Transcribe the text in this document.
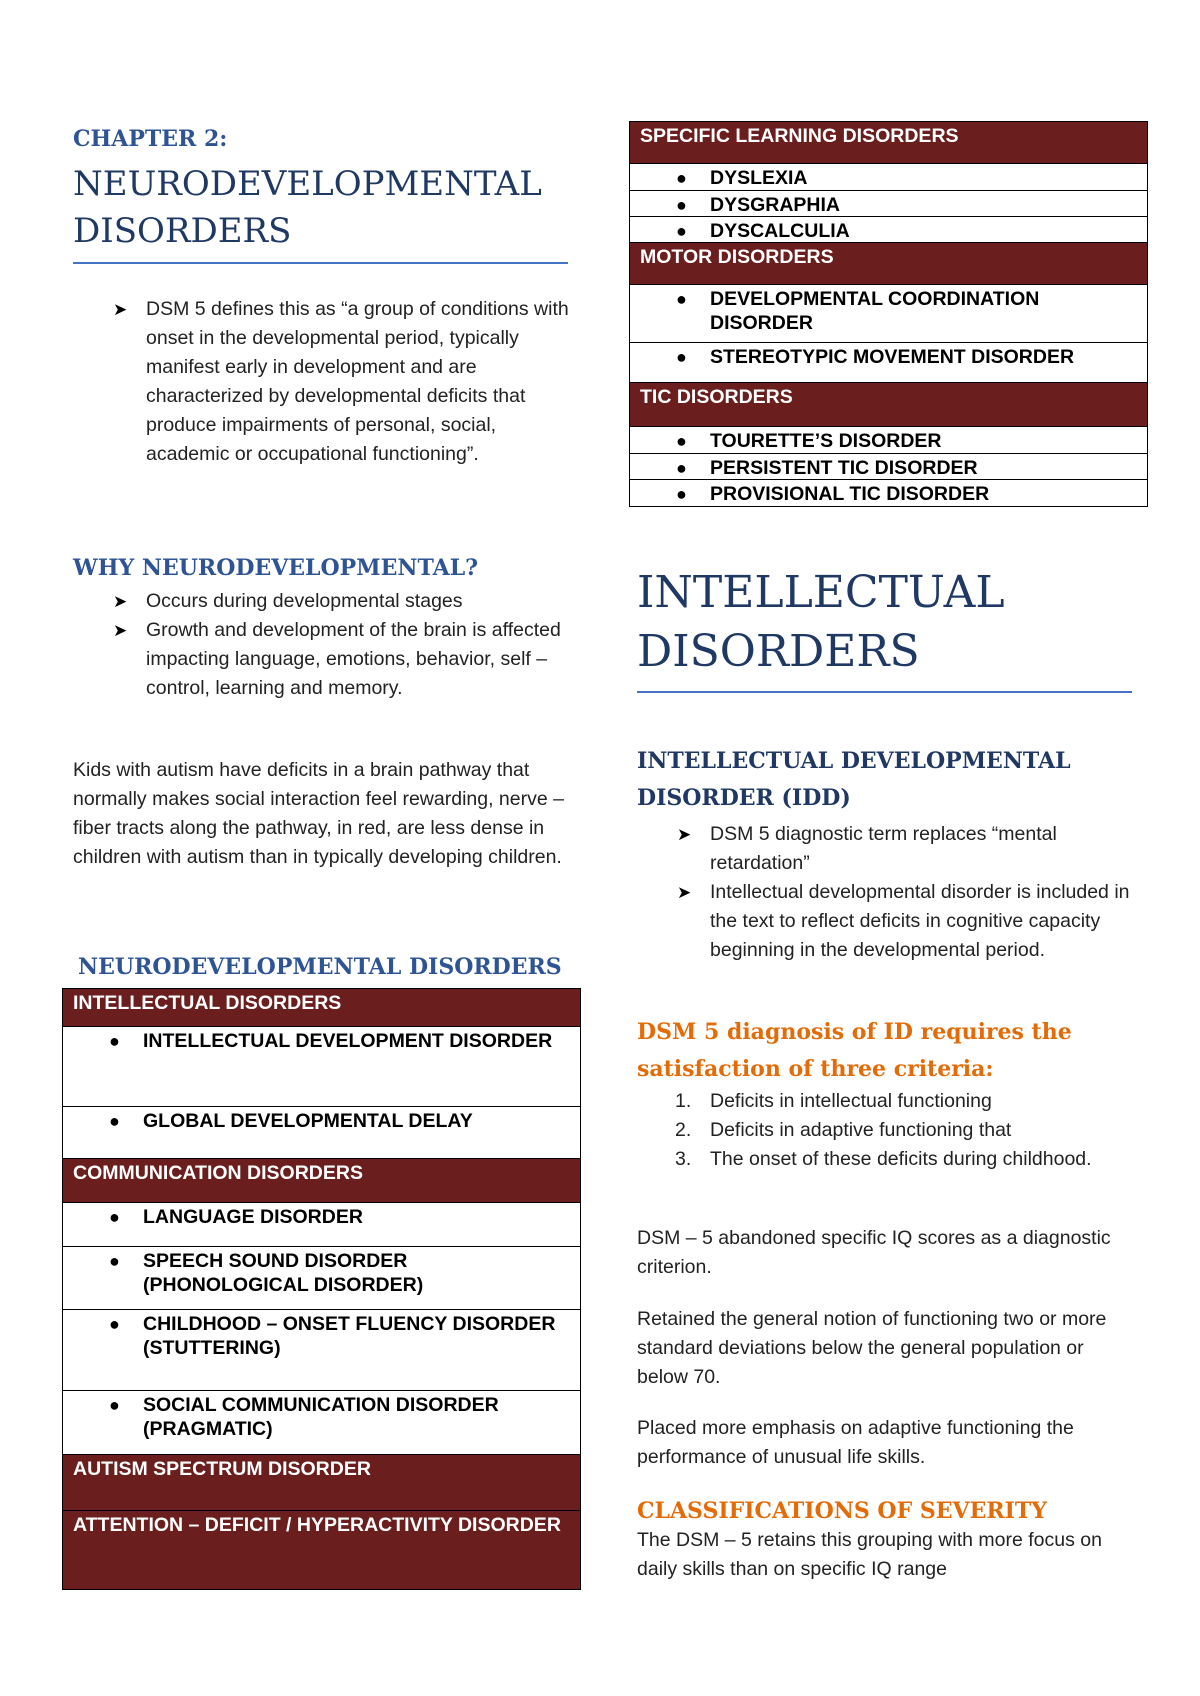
CHAPTER 2:
NEURODEVELOPMENTAL
DISORDERS
➤ DSM 5 defines this as “a group of conditions with onset in the developmental period, typically manifest early in development and are characterized by developmental deficits that produce impairments of personal, social, academic or occupational functioning”.
WHY NEURODEVELOPMENTAL?
➤ Occurs during developmental stages
➤ Growth and development of the brain is affected impacting language, emotions, behavior, self – control, learning and memory.

Kids with autism have deficits in a brain pathway that normally makes social interaction feel rewarding, nerve – fiber tracts along the pathway, in red, are less dense in children with autism than in typically developing children.

NEURODEVELOPMENTAL DISORDERS
INTELLECTUAL DISORDERS
● INTELLECTUAL DEVELOPMENT DISORDER
● GLOBAL DEVELOPMENTAL DELAY
COMMUNICATION DISORDERS
● LANGUAGE DISORDER
● SPEECH SOUND DISORDER (PHONOLOGICAL DISORDER)
● CHILDHOOD – ONSET FLUENCY DISORDER (STUTTERING)
● SOCIAL COMMUNICATION DISORDER (PRAGMATIC)
AUTISM SPECTRUM DISORDER
ATTENTION – DEFICIT / HYPERACTIVITY DISORDER
SPECIFIC LEARNING DISORDERS
● DYSLEXIA
● DYSGRAPHIA
● DYSCALCULIA
MOTOR DISORDERS
● DEVELOPMENTAL COORDINATION DISORDER
● STEREOTYPIC MOVEMENT DISORDER
TIC DISORDERS
● TOURETTE’S DISORDER
● PERSISTENT TIC DISORDER
● PROVISIONAL TIC DISORDER
INTELLECTUAL
DISORDERS
INTELLECTUAL DEVELOPMENTAL
DISORDER (IDD)
➤ DSM 5 diagnostic term replaces “mental retardation”
➤ Intellectual developmental disorder is included in the text to reflect deficits in cognitive capacity beginning in the developmental period.
DSM 5 diagnosis of ID requires the
satisfaction of three criteria:
1. Deficits in intellectual functioning
2. Deficits in adaptive functioning that
3. The onset of these deficits during childhood.

DSM – 5 abandoned specific IQ scores as a diagnostic criterion.

Retained the general notion of functioning two or more standard deviations below the general population or below 70.

Placed more emphasis on adaptive functioning the performance of unusual life skills.

CLASSIFICATIONS OF SEVERITY

The DSM – 5 retains this grouping with more focus on daily skills than on specific IQ range
